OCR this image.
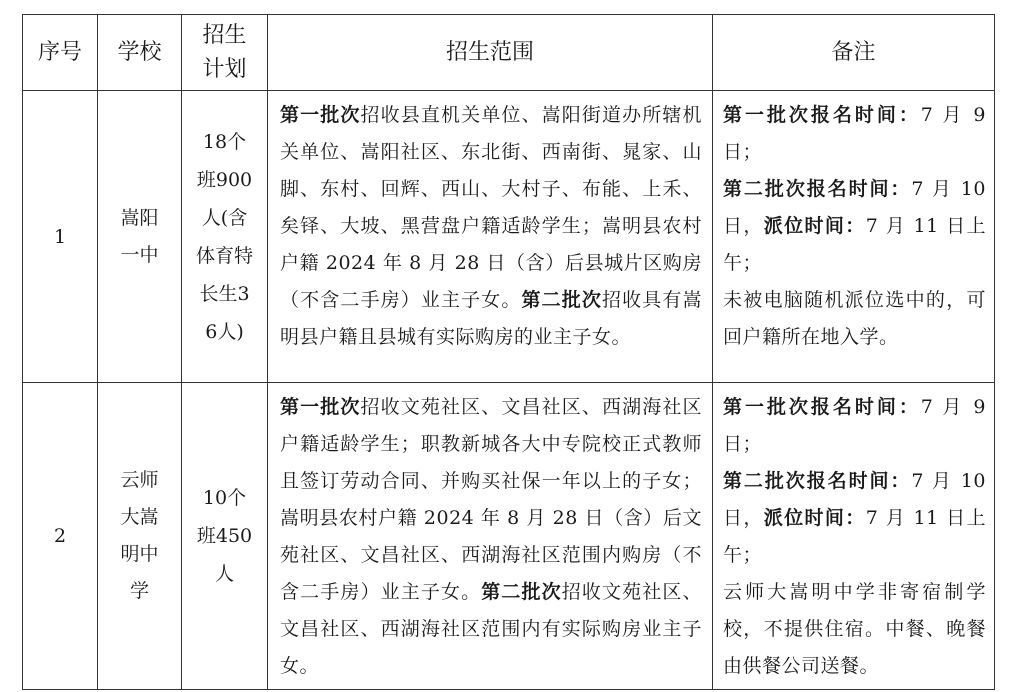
序号	学校	招生计划	招生范围	备注
1	嵩阳一中	18个班900人(含体育特长生36人)	第一批次招收县直机关单位、嵩阳街道办所辖机关单位、嵩阳社区、东北街、西南街、晁家、山脚、东村、回辉、西山、大村子、布能、上禾、矣铎、大坡、黑营盘户籍适龄学生；嵩明县农村户籍 2024 年 8 月 28 日（含）后县城片区购房（不含二手房）业主子女。第二批次招收具有嵩明县户籍且县城有实际购房的业主子女。	第一批次报名时间：7 月 9 日；
第二批次报名时间：7 月 10 日，派位时间：7 月 11 日上午；
未被电脑随机派位选中的，可回户籍所在地入学。

2	云师大嵩明中学	10个班450人	第一批次招收文苑社区、文昌社区、西湖海社区户籍适龄学生；职教新城各大中专院校正式教师且签订劳动合同、并购买社保一年以上的子女；嵩明县农村户籍 2024 年 8 月 28 日（含）后文苑社区、文昌社区、西湖海社区范围内购房（不含二手房）业主子女。第二批次招收文苑社区、文昌社区、西湖海社区范围内有实际购房业主子女。	第一批次报名时间：7 月 9 日；
第二批次报名时间：7 月 10 日，派位时间：7 月 11 日上午；
云师大嵩明中学非寄宿制学校，不提供住宿。中餐、晚餐由供餐公司送餐。
